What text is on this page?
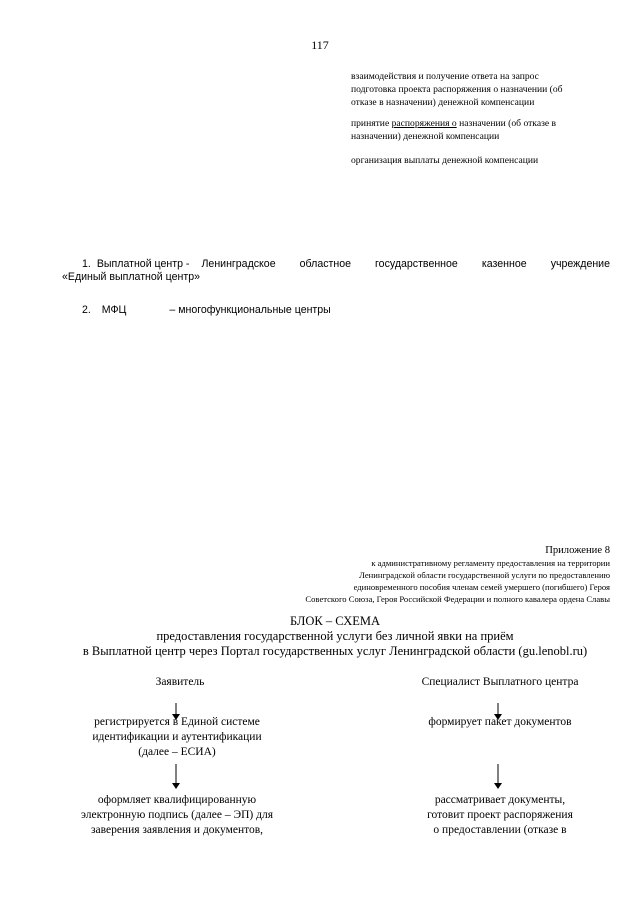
117

взаимодействия и получение ответа на запрос

подготовка проекта распоряжения о назначении (об

отказе в назначении) денежной компенсации

принятие распоряжения о назначении (об отказе в

назначении) денежной компенсации

организация выплаты денежной компенсации

1. Выплатной центр - Ленинградское областное государственное казенное учреждение
«Единый выплатной центр»
2. МФЦ	– многофункциональные центры
Приложение 8
к административному регламенту предоставления на территории
Ленинградской области государственной услуги по предоставлению
единовременного пособия членам семей умершего (погибшего) Героя
Советского Союза, Героя Российской Федерации и полного кавалера ордена Славы
БЛОК – СХЕМА
предоставления государственной услуги без личной явки на приём
в Выплатной центр через Портал государственных услуг Ленинградской области (gu.lenobl.ru)
Заявитель
регистрируется в Единой системе
идентификации и аутентификации
(далее – ЕСИА)
оформляет квалифицированную
электронную подпись (далее – ЭП) для
заверения заявления и документов,
Специалист Выплатного центра
формирует пакет документов
рассматривает документы,
готовит проект распоряжения
о предоставлении (отказе в
